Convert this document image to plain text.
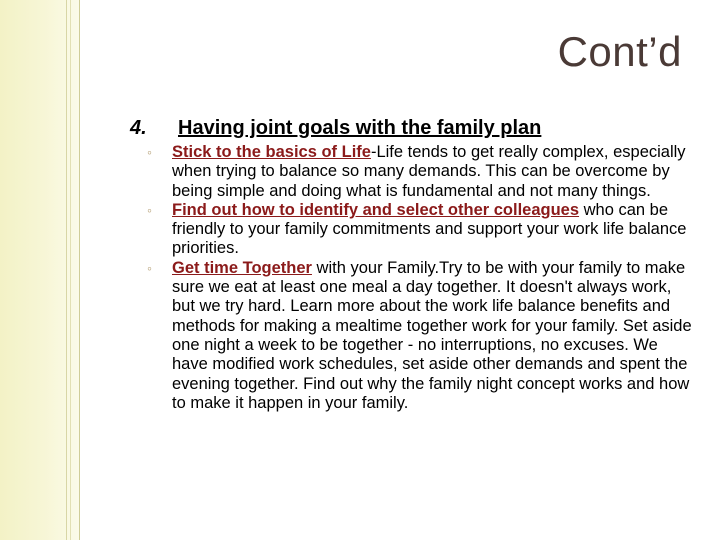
Cont’d
4. Having joint goals with the family plan
◦	Stick to the basics of Life-Life tends to get really complex, especially when trying to balance so many demands. This can be overcome by being simple and doing what is fundamental and not many things.
◦	Find out how to identify and select other colleagues who can be friendly to your family commitments and support your work life balance priorities.
◦	Get time Together with your Family.Try to be with your family to make sure we eat at least one meal a day together. It doesn't always work, but we try hard. Learn more about the work life balance benefits and methods for making a mealtime together work for your family. Set aside one night a week to be together - no interruptions, no excuses. We have modified work schedules, set aside other demands and spent the evening together. Find out why the family night concept works and how to make it happen in your family.
